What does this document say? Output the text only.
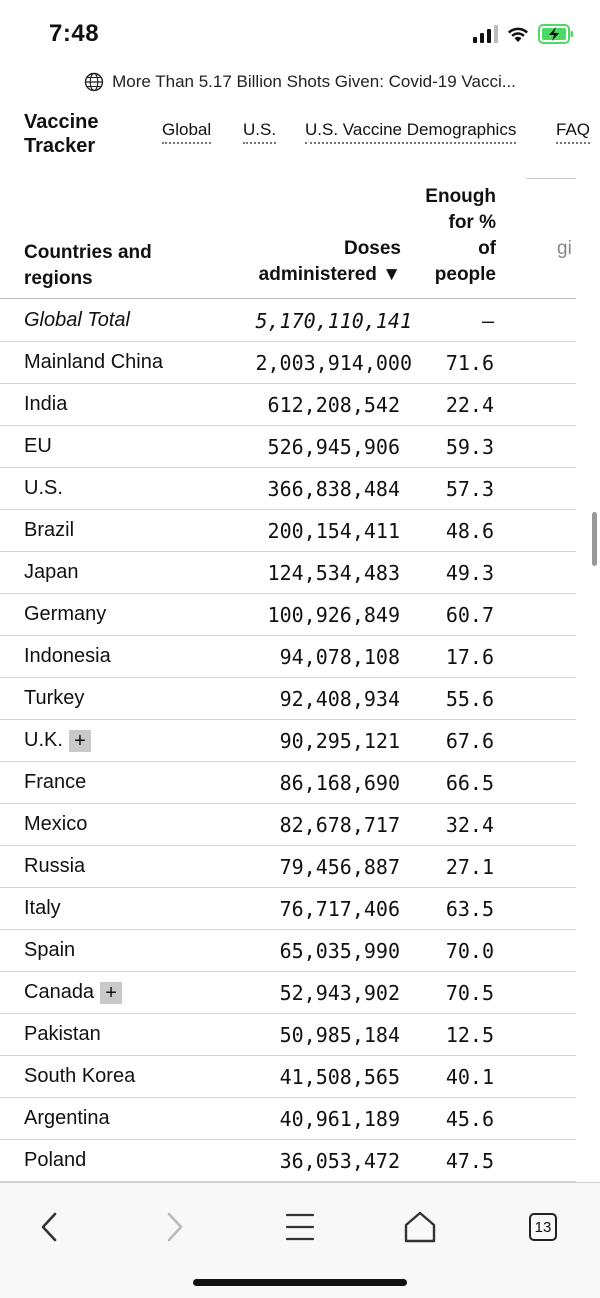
7:48
More Than 5.17 Billion Shots Given: Covid-19 Vacci...
Vaccine
Tracker
Global U.S. U.S. Vaccine Demographics FAQ
Countries and
regions
Doses
administered ▼
Enough
for %
of
people
gi
Global Total	5,170,110,141	–
Mainland China	2,003,914,000 71.6
India	612,208,542 22.4
EU	526,945,906 59.3
U.S.	366,838,484 57.3
Brazil	200,154,411 48.6
Japan	124,534,483 49.3
Germany	100,926,849 60.7
Indonesia	94,078,108 17.6
Turkey	92,408,934 55.6
U.K. +	90,295,121 67.6
France	86,168,690 66.5
Mexico	82,678,717 32.4
Russia	79,456,887 27.1
Italy	76,717,406 63.5
Spain	65,035,990 70.0
Canada +	52,943,902 70.5
Pakistan	50,985,184 12.5
South Korea	41,508,565 40.1
Argentina	40,961,189 45.6
Poland	36,053,472 47.5
13
